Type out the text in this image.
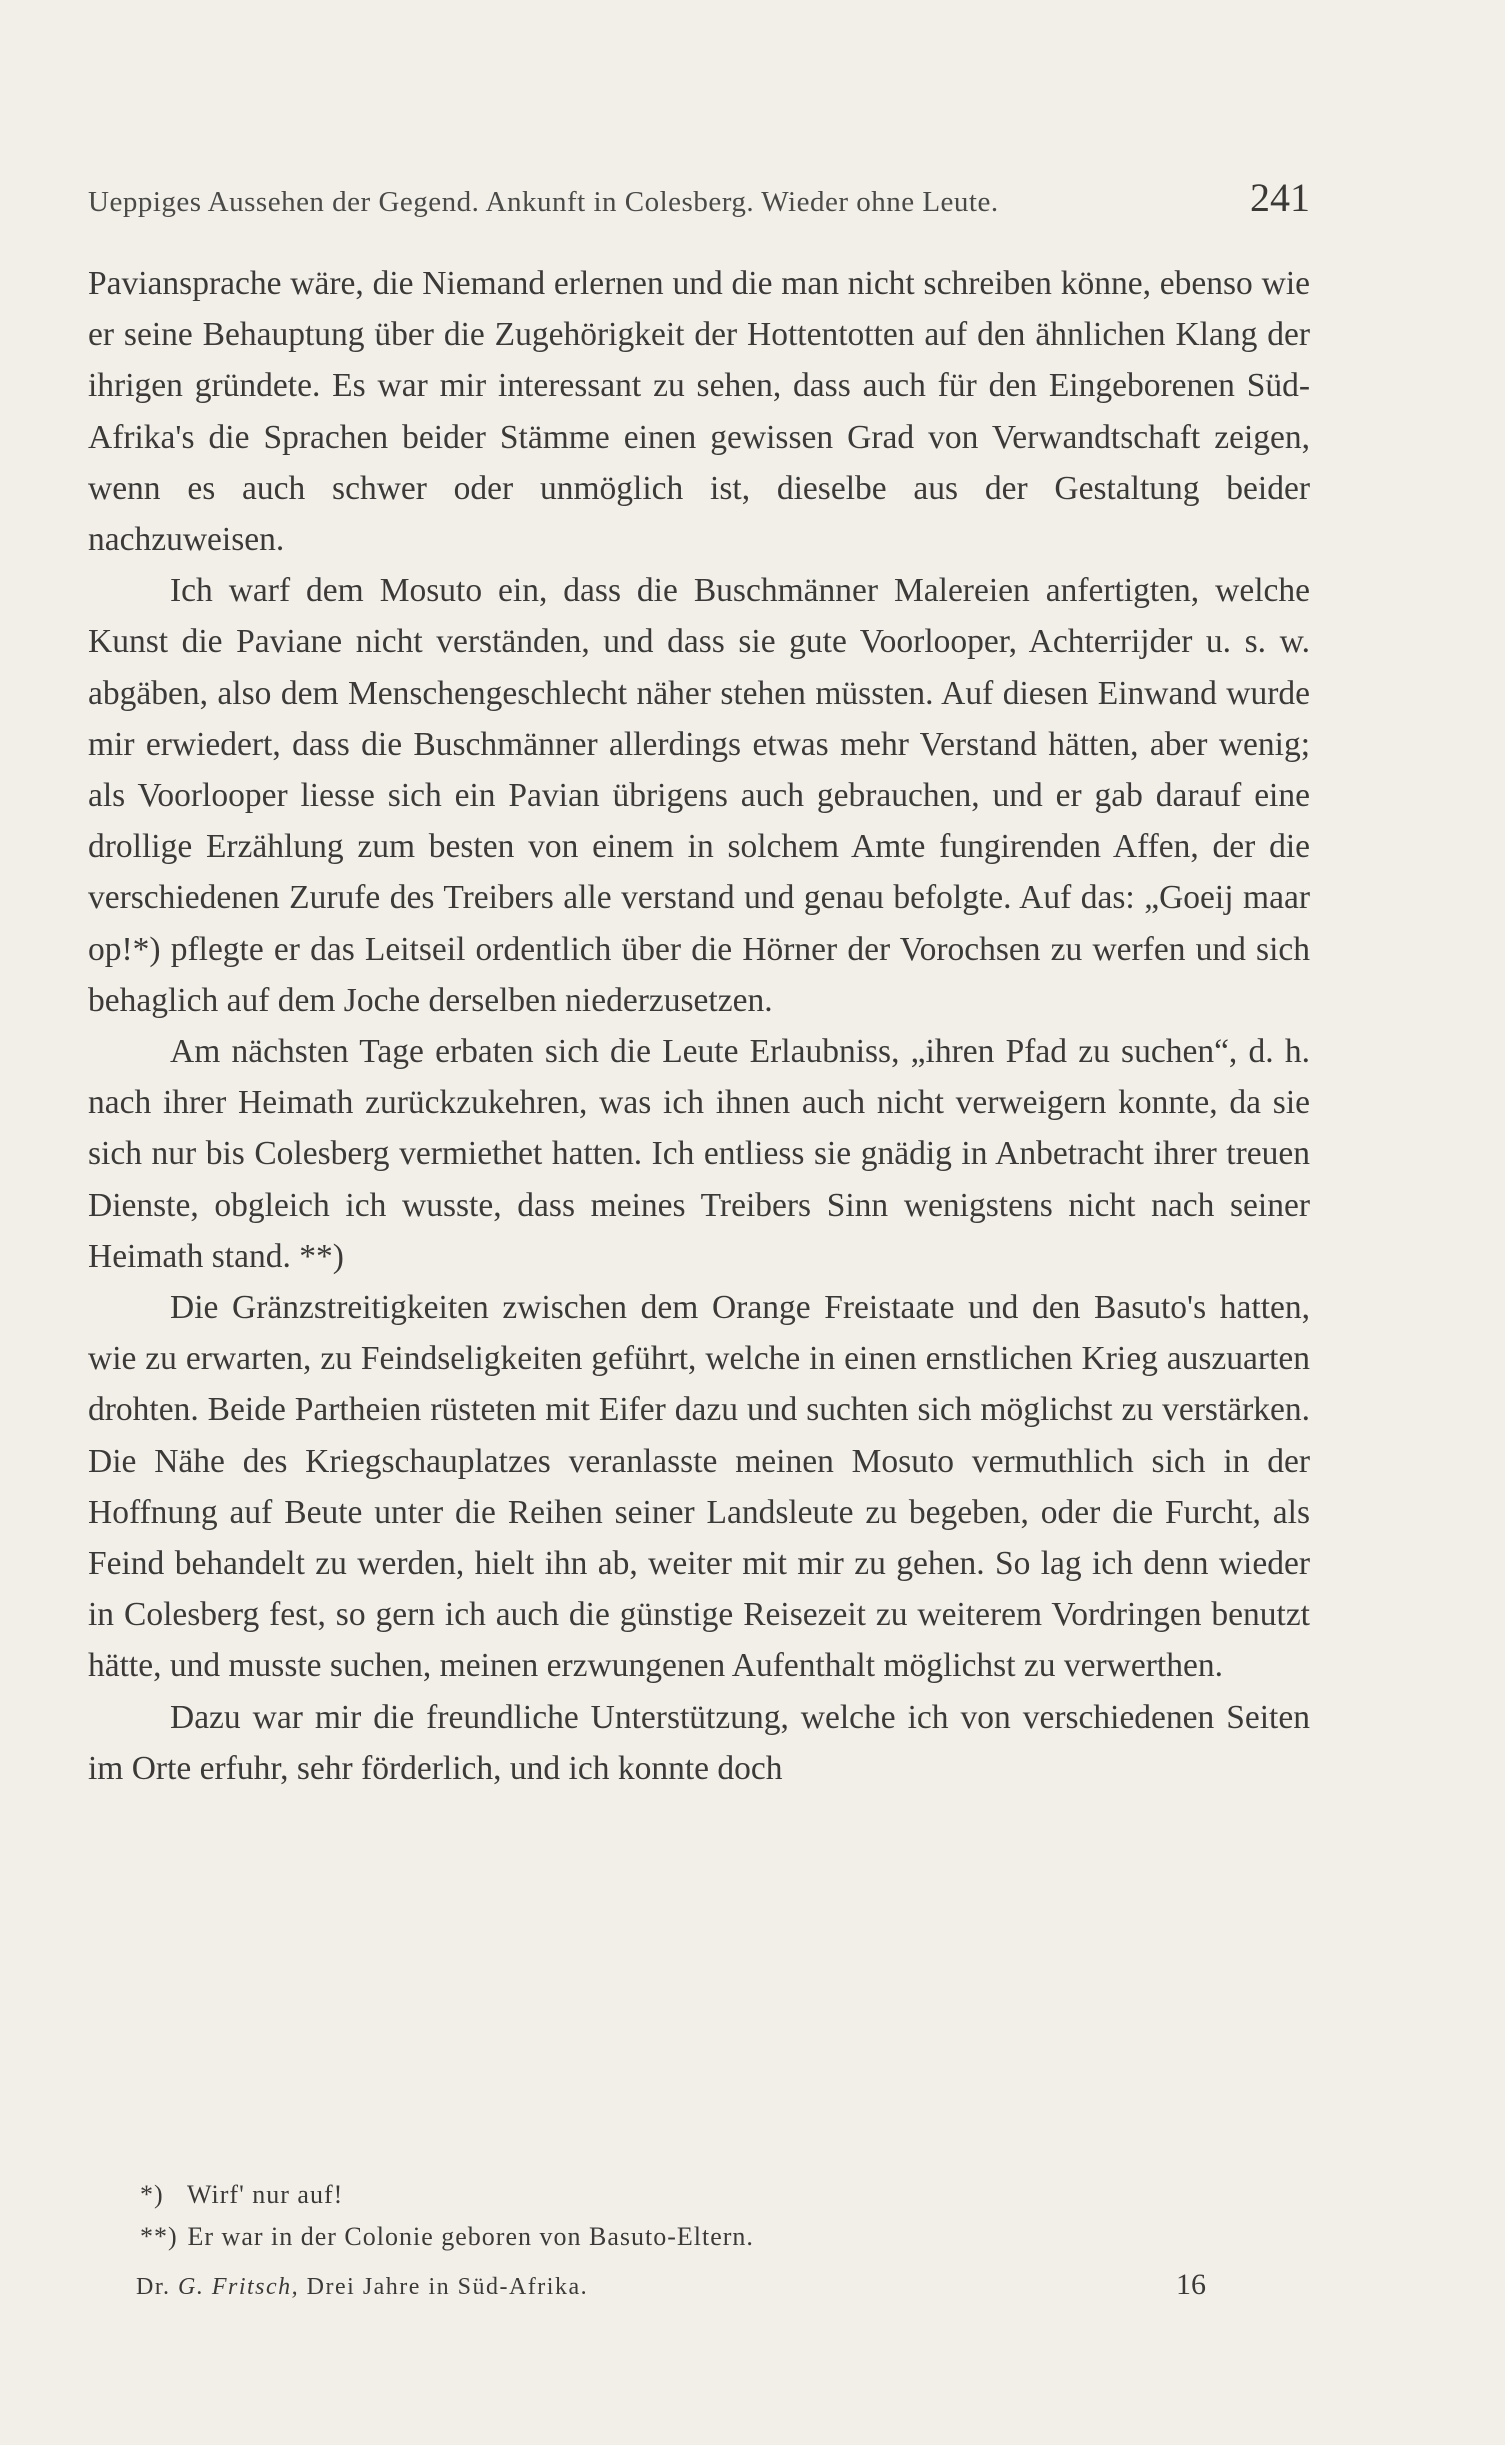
Ueppiges Aussehen der Gegend. Ankunft in Colesberg. Wieder ohne Leute.	241

Paviansprache wäre, die Niemand erlernen und die man nicht schreiben könne, ebenso wie er seine Behauptung über die Zugehörigkeit der Hottentotten auf den ähnlichen Klang der ihrigen gründete. Es war mir interessant zu sehen, dass auch für den Eingeborenen Süd-Afrika's die Sprachen beider Stämme einen gewissen Grad von Verwandtschaft zeigen, wenn es auch schwer oder unmöglich ist, dieselbe aus der Gestaltung beider nachzuweisen.

Ich warf dem Mosuto ein, dass die Buschmänner Malereien anfertigten, welche Kunst die Paviane nicht verständen, und dass sie gute Voorlooper, Achterrijder u. s. w. abgäben, also dem Menschengeschlecht näher stehen müssten. Auf diesen Einwand wurde mir erwiedert, dass die Buschmänner allerdings etwas mehr Verstand hätten, aber wenig; als Voorlooper liesse sich ein Pavian übrigens auch gebrauchen, und er gab darauf eine drollige Erzählung zum besten von einem in solchem Amte fungirenden Affen, der die verschiedenen Zurufe des Treibers alle verstand und genau befolgte. Auf das: „Goeij maar op!*) pflegte er das Leitseil ordentlich über die Hörner der Vorochsen zu werfen und sich behaglich auf dem Joche derselben niederzusetzen.

Am nächsten Tage erbaten sich die Leute Erlaubniss, „ihren Pfad zu suchen“, d. h. nach ihrer Heimath zurückzukehren, was ich ihnen auch nicht verweigern konnte, da sie sich nur bis Colesberg vermiethet hatten. Ich entliess sie gnädig in Anbetracht ihrer treuen Dienste, obgleich ich wusste, dass meines Treibers Sinn wenigstens nicht nach seiner Heimath stand. **)

Die Gränzstreitigkeiten zwischen dem Orange Freistaate und den Basuto's hatten, wie zu erwarten, zu Feindseligkeiten geführt, welche in einen ernstlichen Krieg auszuarten drohten. Beide Partheien rüsteten mit Eifer dazu und suchten sich möglichst zu verstärken. Die Nähe des Kriegschauplatzes veranlasste meinen Mosuto vermuthlich sich in der Hoffnung auf Beute unter die Reihen seiner Landsleute zu begeben, oder die Furcht, als Feind behandelt zu werden, hielt ihn ab, weiter mit mir zu gehen. So lag ich denn wieder in Colesberg fest, so gern ich auch die günstige Reisezeit zu weiterem Vordringen benutzt hätte, und musste suchen, meinen erzwungenen Aufenthalt möglichst zu verwerthen.

Dazu war mir die freundliche Unterstützung, welche ich von verschiedenen Seiten im Orte erfuhr, sehr förderlich, und ich konnte doch

*) Wirf' nur auf!

**) Er war in der Colonie geboren von Basuto-Eltern.

Dr. G. Fritsch, Drei Jahre in Süd-Afrika.	16
